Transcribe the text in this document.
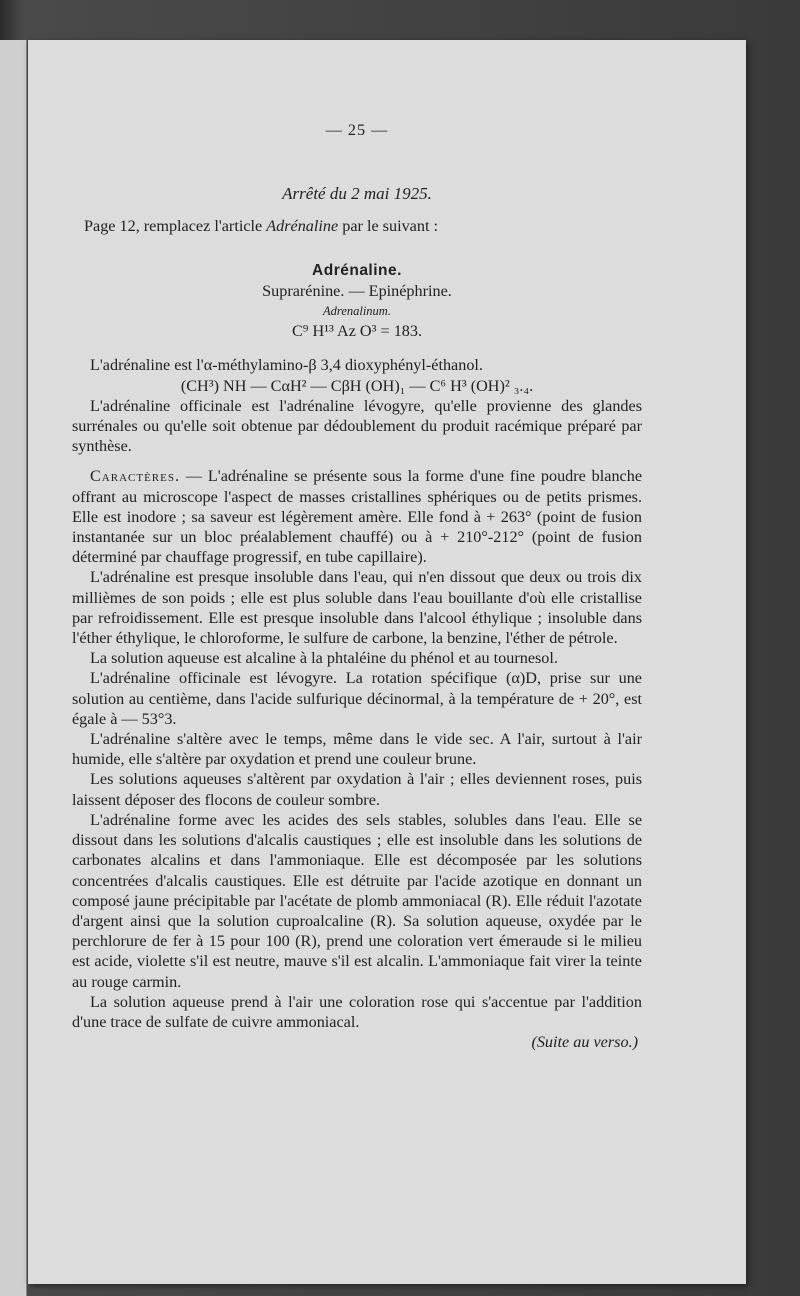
— 25 —
Arrêté du 2 mai 1925.
Page 12, remplacez l'article Adrénaline par le suivant :
Adrénaline.
Suprarénine. — Epinéphrine.
Adrenalinum.
C⁹ H¹³ Az O³ = 183.

L'adrénaline est l'α-méthylamino-β 3,4 dioxyphényl-éthanol.

(CH³) NH — CαH² — CβH (OH)₁ — C⁶ H³ (OH)² ₃.₄.

L'adrénaline officinale est l'adrénaline lévogyre, qu'elle provienne des glandes surrénales ou qu'elle soit obtenue par dédoublement du produit racémique préparé par synthèse.

Caractères. — L'adrénaline se présente sous la forme d'une fine poudre blanche offrant au microscope l'aspect de masses cristallines sphériques ou de petits prismes. Elle est inodore ; sa saveur est légèrement amère. Elle fond à + 263° (point de fusion instantanée sur un bloc préalablement chauffé) ou à + 210°-212° (point de fusion déterminé par chauffage progressif, en tube capillaire).

L'adrénaline est presque insoluble dans l'eau, qui n'en dissout que deux ou trois dix millièmes de son poids ; elle est plus soluble dans l'eau bouillante d'où elle cristallise par refroidissement. Elle est presque insoluble dans l'alcool éthylique ; insoluble dans l'éther éthylique, le chloroforme, le sulfure de carbone, la benzine, l'éther de pétrole.

La solution aqueuse est alcaline à la phtaléine du phénol et au tournesol.

L'adrénaline officinale est lévogyre. La rotation spécifique (α)D, prise sur une solution au centième, dans l'acide sulfurique décinormal, à la température de + 20°, est égale à — 53°3.

L'adrénaline s'altère avec le temps, même dans le vide sec. A l'air, surtout à l'air humide, elle s'altère par oxydation et prend une couleur brune.

Les solutions aqueuses s'altèrent par oxydation à l'air ; elles deviennent roses, puis laissent déposer des flocons de couleur sombre.

L'adrénaline forme avec les acides des sels stables, solubles dans l'eau. Elle se dissout dans les solutions d'alcalis caustiques ; elle est insoluble dans les solutions de carbonates alcalins et dans l'ammoniaque. Elle est décomposée par les solutions concentrées d'alcalis caustiques. Elle est détruite par l'acide azotique en donnant un composé jaune précipitable par l'acétate de plomb ammoniacal (R). Elle réduit l'azotate d'argent ainsi que la solution cuproalcaline (R). Sa solution aqueuse, oxydée par le perchlorure de fer à 15 pour 100 (R), prend une coloration vert émeraude si le milieu est acide, violette s'il est neutre, mauve s'il est alcalin. L'ammoniaque fait virer la teinte au rouge carmin.

La solution aqueuse prend à l'air une coloration rose qui s'accentue par l'addition d'une trace de sulfate de cuivre ammoniacal.

(Suite au verso.)
